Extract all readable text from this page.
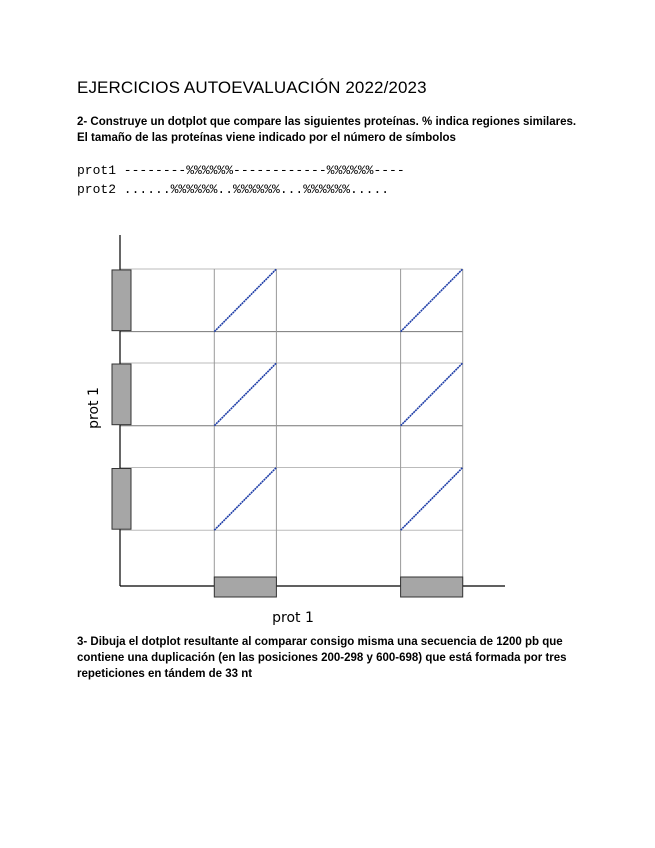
EJERCICIOS AUTOEVALUACIÓN 2022/2023
2- Construye un dotplot que compare las siguientes proteínas. % indica regiones similares. El tamaño de las proteínas viene indicado por el número de símbolos
prot1 --------%%%%%%------------%%%%%%----
prot2 ......%%%%%%..%%%%%%...%%%%%%.....
prot 1
prot 1
3- Dibuja el dotplot resultante al comparar consigo misma una secuencia de 1200 pb que contiene una duplicación (en las posiciones 200-298 y 600-698) que está formada por tres repeticiones en tándem de 33 nt
